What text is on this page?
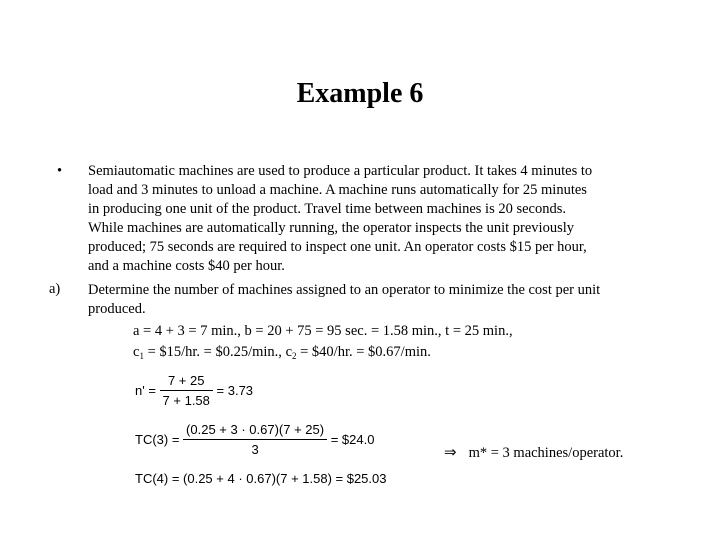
Example 6
• Semiautomatic machines are used to produce a particular product. It takes 4 minutes to
load and 3 minutes to unload a machine. A machine runs automatically for 25 minutes
in producing one unit of the product. Travel time between machines is 20 seconds.
While machines are automatically running, the operator inspects the unit previously
produced; 75 seconds are required to inspect one unit. An operator costs $15 per hour,
and a machine costs $40 per hour.
a) Determine the number of machines assigned to an operator to minimize the cost per unit
produced.
a = 4 + 3 = 7 min., b = 20 + 75 = 95 sec. = 1.58 min., t = 25 min.,
$c_1$ = $15/hr. = $0.25/min., $c_2$ = $40/hr. = $0.67/min.
$n' = \frac{7 + 25}{7 + 1.58} = 3.73$
$TC(3) = \frac{(0.25 + 3 \cdot 0.67)(7 + 25)}{3}$ = $24.0
TC(4) = (0.25 + 4 · 0.67)(7 + 1.58) = $25.03
⇒ m* = 3 machines/operator.
